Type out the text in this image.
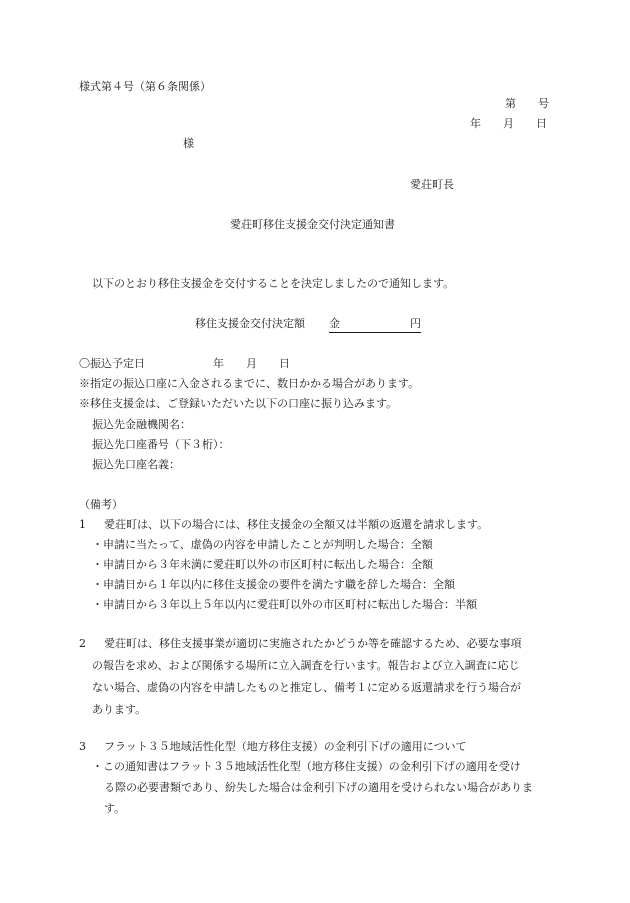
様式第４号（第６条関係）
第　　号
年　　月　　日
様
愛荘町長
愛荘町移住支援金交付決定通知書
以下のとおり移住支援金を交付することを決定しましたので通知します。
移住支援金交付決定額 金	円
〇振込予定日	年 月 日
※指定の振込口座に入金されるまでに、数日かかる場合があります。
※移住支援金は、ご登録いただいた以下の口座に振り込みます。
振込先金融機関名：
振込先口座番号（下３桁）：
振込先口座名義：
（備考）
1 愛荘町は、以下の場合には、移住支援金の全額又は半額の返還を請求します。
・申請に当たって、虚偽の内容を申請したことが判明した場合：全額
・申請日から３年未満に愛荘町以外の市区町村に転出した場合：全額
・申請日から１年以内に移住支援金の要件を満たす職を辞した場合：全額
・申請日から３年以上５年以内に愛荘町以外の市区町村に転出した場合：半額
2 愛荘町は、移住支援事業が適切に実施されたかどうか等を確認するため、必要な事項
の報告を求め、および関係する場所に立入調査を行います。報告および立入調査に応じ
ない場合、虚偽の内容を申請したものと推定し、備考１に定める返還請求を行う場合が
あります。
3 フラット３５地域活性化型（地方移住支援）の金利引下げの適用について
・この通知書はフラット３５地域活性化型（地方移住支援）の金利引下げの適用を受け
る際の必要書類であり、紛失した場合は金利引下げの適用を受けられない場合がありま
す。
